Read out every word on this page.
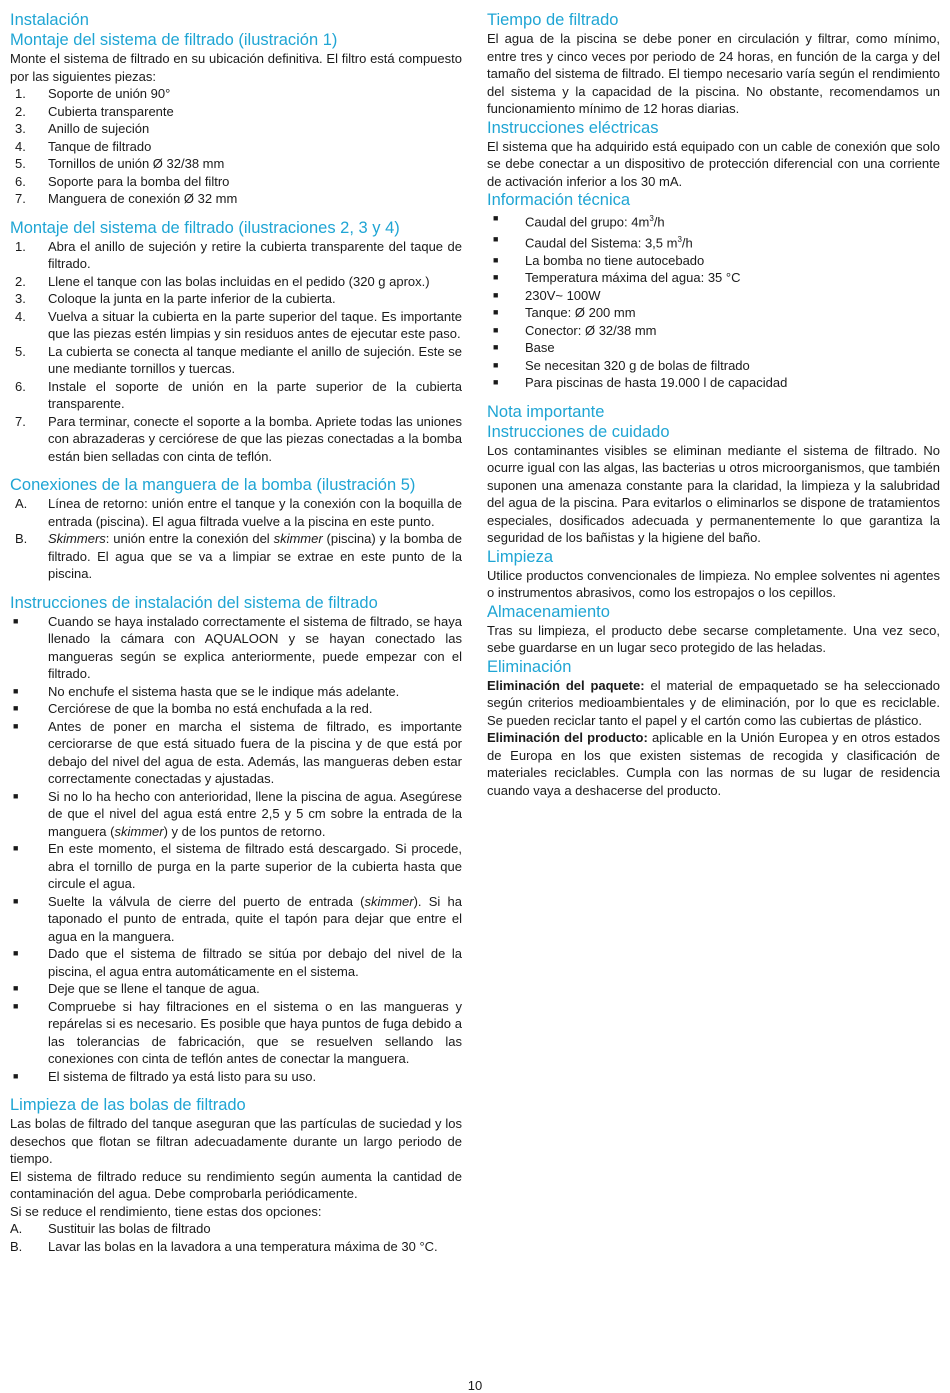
Instalación
Montaje del sistema de filtrado (ilustración 1)

Monte el sistema de filtrado en su ubicación definitiva. El filtro está compuesto por las siguientes piezas:

1. Soporte de unión 90°
2. Cubierta transparente
3. Anillo de sujeción
4. Tanque de filtrado
5. Tornillos de unión Ø 32/38 mm
6. Soporte para la bomba del filtro
7. Manguera de conexión Ø 32 mm
Montaje del sistema de filtrado (ilustraciones 2, 3 y 4)
1. Abra el anillo de sujeción y retire la cubierta transparente del taque de filtrado.
2. Llene el tanque con las bolas incluidas en el pedido (320 g aprox.)
3. Coloque la junta en la parte inferior de la cubierta.
4. Vuelva a situar la cubierta en la parte superior del taque. Es importante que las piezas estén limpias y sin residuos antes de ejecutar este paso.
5. La cubierta se conecta al tanque mediante el anillo de sujeción. Este se une mediante tornillos y tuercas.
6. Instale el soporte de unión en la parte superior de la cubierta transparente.
7. Para terminar, conecte el soporte a la bomba. Apriete todas las uniones con abrazaderas y cerciórese de que las piezas conectadas a la bomba están bien selladas con cinta de teflón.
Conexiones de la manguera de la bomba (ilustración 5)
A. Línea de retorno: unión entre el tanque y la conexión con la boquilla de entrada (piscina). El agua filtrada vuelve a la piscina en este punto.
B. Skimmers: unión entre la conexión del skimmer (piscina) y la bomba de filtrado. El agua que se va a limpiar se extrae en este punto de la piscina.
Instrucciones de instalación del sistema de filtrado
■ Cuando se haya instalado correctamente el sistema de filtrado, se haya llenado la cámara con AQUALOON y se hayan conectado las mangueras según se explica anteriormente, puede empezar con el filtrado.
■ No enchufe el sistema hasta que se le indique más adelante.
■ Cerciórese de que la bomba no está enchufada a la red.
■ Antes de poner en marcha el sistema de filtrado, es importante cerciorarse de que está situado fuera de la piscina y de que está por debajo del nivel del agua de esta. Además, las mangueras deben estar correctamente conectadas y ajustadas.
■ Si no lo ha hecho con anterioridad, llene la piscina de agua. Asegúrese de que el nivel del agua está entre 2,5 y 5 cm sobre la entrada de la manguera (skimmer) y de los puntos de retorno.
■ En este momento, el sistema de filtrado está descargado. Si procede, abra el tornillo de purga en la parte superior de la cubierta hasta que circule el agua.
■ Suelte la válvula de cierre del puerto de entrada (skimmer). Si ha taponado el punto de entrada, quite el tapón para dejar que entre el agua en la manguera.
■ Dado que el sistema de filtrado se sitúa por debajo del nivel de la piscina, el agua entra automáticamente en el sistema.
■ Deje que se llene el tanque de agua.
■ Compruebe si hay filtraciones en el sistema o en las mangueras y repárelas si es necesario. Es posible que haya puntos de fuga debido a las tolerancias de fabricación, que se resuelven sellando las conexiones con cinta de teflón antes de conectar la manguera.
■ El sistema de filtrado ya está listo para su uso.
Limpieza de las bolas de filtrado

Las bolas de filtrado del tanque aseguran que las partículas de suciedad y los desechos que flotan se filtran adecuadamente durante un largo periodo de tiempo.

El sistema de filtrado reduce su rendimiento según aumenta la cantidad de contaminación del agua. Debe comprobarla periódicamente.

Si se reduce el rendimiento, tiene estas dos opciones:

A. Sustituir las bolas de filtrado
B. Lavar las bolas en la lavadora a una temperatura máxima de 30 °C.
Tiempo de filtrado

El agua de la piscina se debe poner en circulación y filtrar, como mínimo, entre tres y cinco veces por periodo de 24 horas, en función de la carga y del tamaño del sistema de filtrado. El tiempo necesario varía según el rendimiento del sistema y la capacidad de la piscina. No obstante, recomendamos un funcionamiento mínimo de 12 horas diarias.

Instrucciones eléctricas

El sistema que ha adquirido está equipado con un cable de conexión que solo se debe conectar a un dispositivo de protección diferencial con una corriente de activación inferior a los 30 mA.

Información técnica
■ Caudal del grupo: $4m^3/h$
■ Caudal del Sistema: 3,5 $m^3/h$
■ La bomba no tiene autocebado
■ Temperatura máxima del agua: 35 °C
■ 230V~ 100W
■ Tanque: Ø 200 mm
■ Conector: Ø 32/38 mm
■ Base
■ Se necesitan 320 g de bolas de filtrado
■ Para piscinas de hasta 19.000 l de capacidad
Nota importante
Instrucciones de cuidado

Los contaminantes visibles se eliminan mediante el sistema de filtrado. No ocurre igual con las algas, las bacterias u otros microorganismos, que también suponen una amenaza constante para la claridad, la limpieza y la salubridad del agua de la piscina. Para evitarlos o eliminarlos se dispone de tratamientos especiales, dosificados adecuada y permanentemente lo que garantiza la seguridad de los bañistas y la higiene del baño.

Limpieza

Utilice productos convencionales de limpieza. No emplee solventes ni agentes o instrumentos abrasivos, como los estropajos o los cepillos.

Almacenamiento

Tras su limpieza, el producto debe secarse completamente. Una vez seco, sebe guardarse en un lugar seco protegido de las heladas.

Eliminación

Eliminación del paquete: el material de empaquetado se ha seleccionado según criterios medioambientales y de eliminación, por lo que es reciclable. Se pueden reciclar tanto el papel y el cartón como las cubiertas de plástico.

Eliminación del producto: aplicable en la Unión Europea y en otros estados de Europa en los que existen sistemas de recogida y clasificación de materiales reciclables. Cumpla con las normas de su lugar de residencia cuando vaya a deshacerse del producto.

10
